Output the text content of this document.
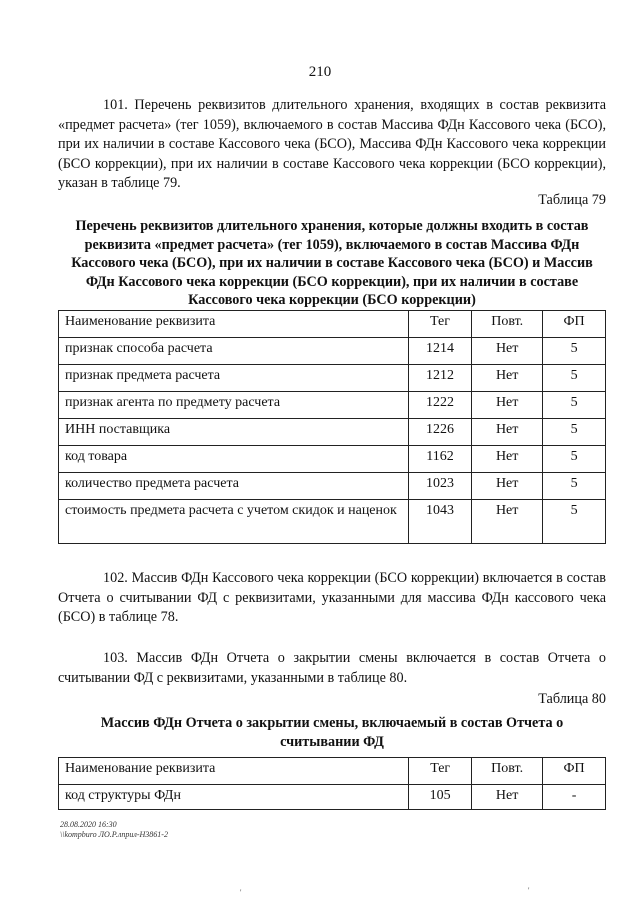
210

101. Перечень реквизитов длительного хранения, входящих в состав реквизита «предмет расчета» (тег 1059), включаемого в состав Массива ФДн Кассового чека (БСО), при их наличии в составе Кассового чека (БСО), Массива ФДн Кассового чека коррекции (БСО коррекции), при их наличии в составе Кассового чека коррекции (БСО коррекции), указан в таблице 79.

Таблица 79

Перечень реквизитов длительного хранения, которые должны входить в состав реквизита «предмет расчета» (тег 1059), включаемого в состав Массива ФДн Кассового чека (БСО), при их наличии в составе Кассового чека (БСО) и Массив ФДн Кассового чека коррекции (БСО коррекции), при их наличии в составе Кассового чека коррекции (БСО коррекции)

Наименование реквизита	Тег	Повт.	ФП
признак способа расчета	1214	Нет	5
признак предмета расчета	1212	Нет	5
признак агента по предмету расчета	1222	Нет	5
ИНН поставщика	1226	Нет	5
код товара	1162	Нет	5
количество предмета расчета	1023	Нет	5
стоимость предмета расчета с учетом скидок и наценок	1043	Нет	5

102. Массив ФДн Кассового чека коррекции (БСО коррекции) включается в состав Отчета о считывании ФД с реквизитами, указанными для массива ФДн кассового чека (БСО) в таблице 78.

103. Массив ФДн Отчета о закрытии смены включается в состав Отчета о считывании ФД с реквизитами, указанными в таблице 80.

Таблица 80

Массив ФДн Отчета о закрытии смены, включаемый в состав Отчета о считывании ФД

Наименование реквизита	Тег	Повт.	ФП
код структуры ФДн	105	Нет	-
28.08.2020 16:30
\\kompburo ЛО.Р.лприл-Н3861-2
'	'
